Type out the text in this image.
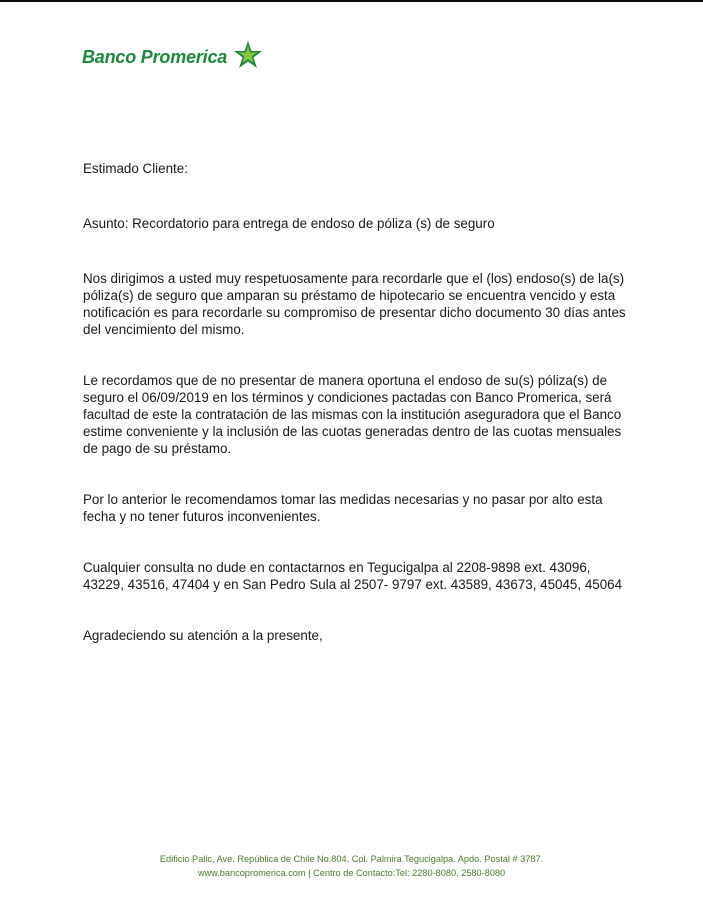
Banco Promerica

Estimado Cliente:

Asunto: Recordatorio para entrega de endoso de póliza (s) de seguro

Nos dirigimos a usted muy respetuosamente para recordarle que el (los) endoso(s) de la(s) póliza(s) de seguro que amparan su préstamo de hipotecario se encuentra vencido y esta notificación es para recordarle su compromiso de presentar dicho documento 30 días antes del vencimiento del mismo.

Le recordamos que de no presentar de manera oportuna el endoso de su(s) póliza(s) de seguro el 06/09/2019 en los términos y condiciones pactadas con Banco Promerica, será facultad de este la contratación de las mismas con la institución aseguradora que el Banco estime conveniente y la inclusión de las cuotas generadas dentro de las cuotas mensuales de pago de su préstamo.

Por lo anterior le recomendamos tomar las medidas necesarias y no pasar por alto esta fecha y no tener futuros inconvenientes.

Cualquier consulta no dude en contactarnos en Tegucigalpa al 2208-9898 ext. 43096, 43229, 43516, 47404 y en San Pedro Sula al 2507- 9797 ext. 43589, 43673, 45045, 45064

Agradeciendo su atención a la presente,

Edificio Palic, Ave. República de Chile No.804, Col. Palmira Tegucigalpa. Apdo. Postal # 3787.
www.bancopromerica.com | Centro de Contacto:Tel: 2280-8080, 2580-8080
